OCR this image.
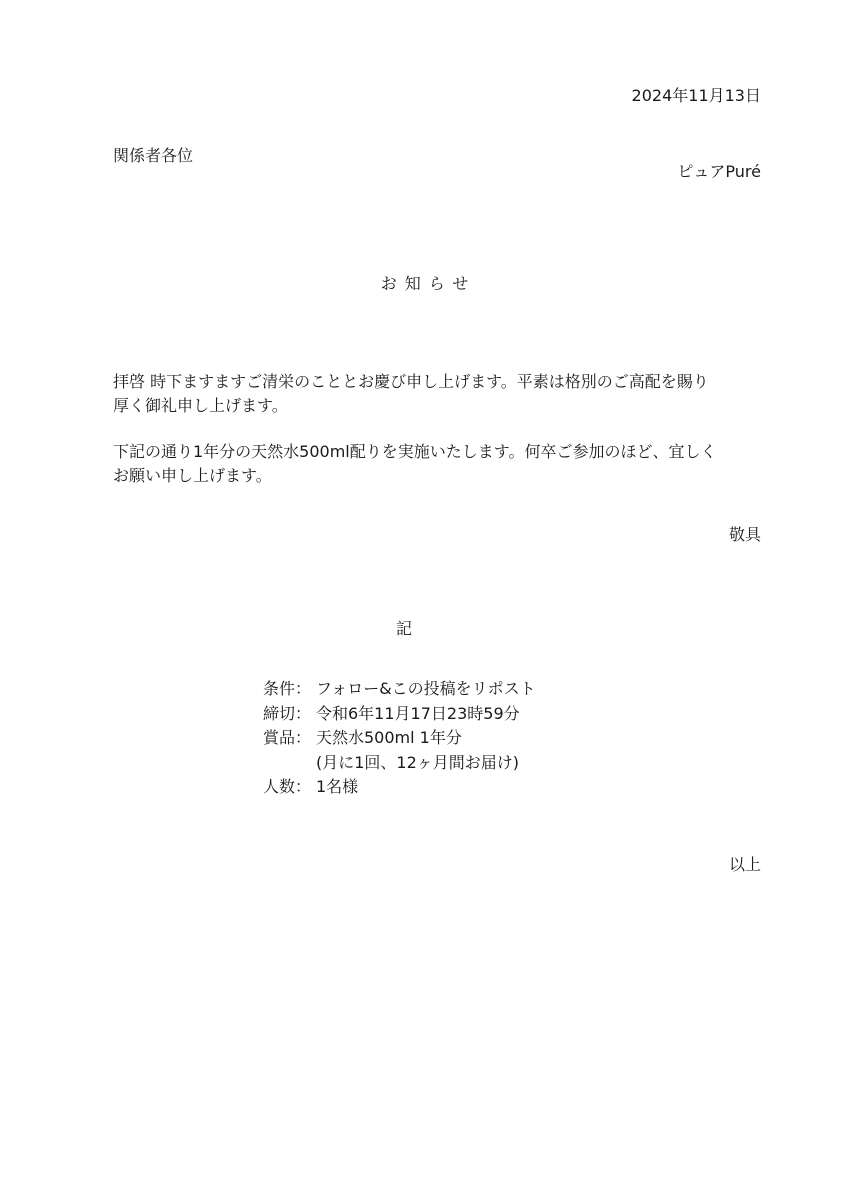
2024年11月13日
関係者各位
ピュアPuré
お知らせ

拝啓 時下ますますご清栄のこととお慶び申し上げます。平素は格別のご高配を賜り

厚く御礼申し上げます。

下記の通り1年分の天然水500ml配りを実施いたします。何卒ご参加のほど、宜しく

お願い申し上げます。

敬具
記
条件： フォロー&この投稿をリポスト
締切： 令和6年11月17日23時59分
賞品： 天然水500ml 1年分
(月に1回、12ヶ月間お届け)
人数： 1名様
以上
